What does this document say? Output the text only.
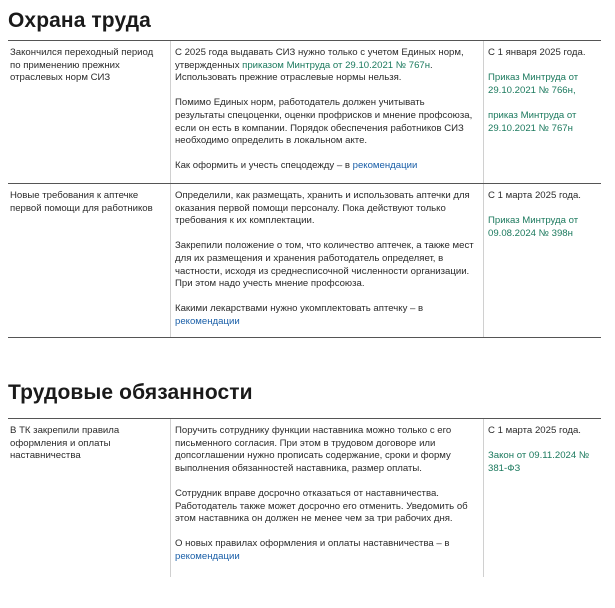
Охрана труда
Закончился переходный период по применению прежних отраслевых норм СИЗ

С 2025 года выдавать СИЗ нужно только с учетом Единых норм, утвержденных приказом Минтруда от 29.10.2021 № 767н. Использовать прежние отраслевые нормы нельзя.

Помимо Единых норм, работодатель должен учитывать результаты спецоценки, оценки профрисков и мнение профсоюза, если он есть в компании. Порядок обеспечения работников СИЗ необходимо определить в локальном акте.

Как оформить и учесть спецодежду – в рекомендации

С 1 января 2025 года.

Приказ Минтруда от 29.10.2021 № 766н,

приказ Минтруда от 29.10.2021 № 767н

Новые требования к аптечке первой помощи для работников

Определили, как размещать, хранить и использовать аптечки для оказания первой помощи персоналу. Пока действуют только требования к их комплектации.

Закрепили положение о том, что количество аптечек, а также мест для их размещения и хранения работодатель определяет, в частности, исходя из среднесписочной численности организации. При этом надо учесть мнение профсоюза.

Какими лекарствами нужно укомплектовать аптечку – в рекомендации

С 1 марта 2025 года.

Приказ Минтруда от 09.08.2024 № 398н

Трудовые обязанности
В ТК закрепили правила оформления и оплаты наставничества

Поручить сотруднику функции наставника можно только с его письменного согласия. При этом в трудовом договоре или допсоглашении нужно прописать содержание, сроки и форму выполнения обязанностей наставника, размер оплаты.

Сотрудник вправе досрочно отказаться от наставничества. Работодатель также может досрочно его отменить. Уведомить об этом наставника он должен не менее чем за три рабочих дня.

О новых правилах оформления и оплаты наставничества – в рекомендации

С 1 марта 2025 года.

Закон от 09.11.2024 № 381-ФЗ
